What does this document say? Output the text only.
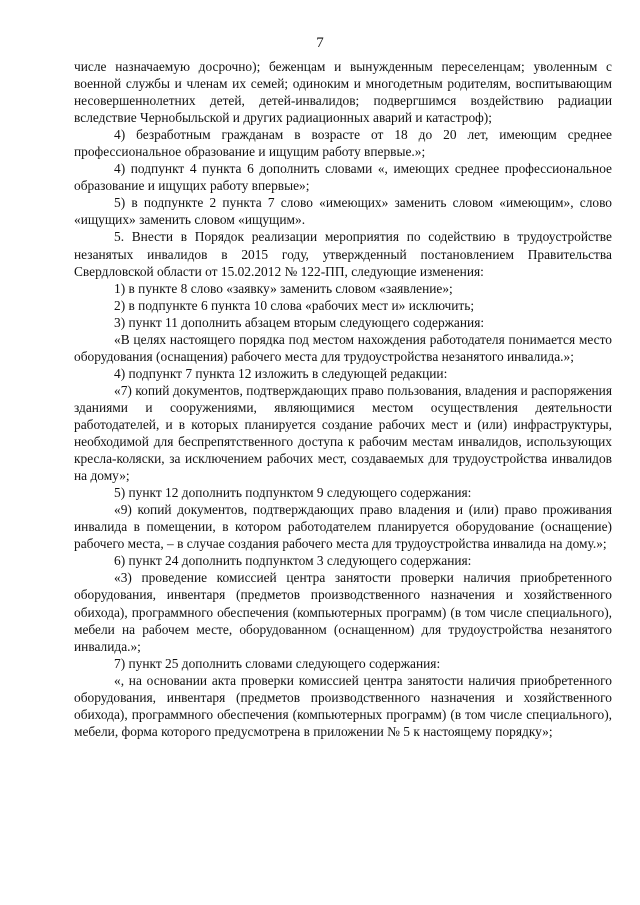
7

числе назначаемую досрочно); беженцам и вынужденным переселенцам; уволенным с военной службы и членам их семей; одиноким и многодетным родителям, воспитывающим несовершеннолетних детей, детей-инвалидов; подвергшимся воздействию радиации вследствие Чернобыльской и других радиационных аварий и катастроф);

4) безработным гражданам в возрасте от 18 до 20 лет, имеющим среднее профессиональное образование и ищущим работу впервые.»;

4) подпункт 4 пункта 6 дополнить словами «, имеющих среднее профессиональное образование и ищущих работу впервые»;

5) в подпункте 2 пункта 7 слово «имеющих» заменить словом «имеющим», слово «ищущих» заменить словом «ищущим».

5. Внести в Порядок реализации мероприятия по содействию в трудоустройстве незанятых инвалидов в 2015 году, утвержденный постановлением Правительства Свердловской области от 15.02.2012 № 122-ПП, следующие изменения:

1) в пункте 8 слово «заявку» заменить словом «заявление»;

2) в подпункте 6 пункта 10 слова «рабочих мест и» исключить;

3) пункт 11 дополнить абзацем вторым следующего содержания:

«В целях настоящего порядка под местом нахождения работодателя понимается место оборудования (оснащения) рабочего места для трудоустройства незанятого инвалида.»;

4) подпункт 7 пункта 12 изложить в следующей редакции:

«7) копий документов, подтверждающих право пользования, владения и распоряжения зданиями и сооружениями, являющимися местом осуществления деятельности работодателей, и в которых планируется создание рабочих мест и (или) инфраструктуры, необходимой для беспрепятственного доступа к рабочим местам инвалидов, использующих кресла-коляски, за исключением рабочих мест, создаваемых для трудоустройства инвалидов на дому»;

5) пункт 12 дополнить подпунктом 9 следующего содержания:

«9) копий документов, подтверждающих право владения и (или) право проживания инвалида в помещении, в котором работодателем планируется оборудование (оснащение) рабочего места, – в случае создания рабочего места для трудоустройства инвалида на дому.»;

6) пункт 24 дополнить подпунктом 3 следующего содержания:

«3) проведение комиссией центра занятости проверки наличия приобретенного оборудования, инвентаря (предметов производственного назначения и хозяйственного обихода), программного обеспечения (компьютерных программ) (в том числе специального), мебели на рабочем месте, оборудованном (оснащенном) для трудоустройства незанятого инвалида.»;

7) пункт 25 дополнить словами следующего содержания:

«, на основании акта проверки комиссией центра занятости наличия приобретенного оборудования, инвентаря (предметов производственного назначения и хозяйственного обихода), программного обеспечения (компьютерных программ) (в том числе специального), мебели, форма которого предусмотрена в приложении № 5 к настоящему порядку»;
